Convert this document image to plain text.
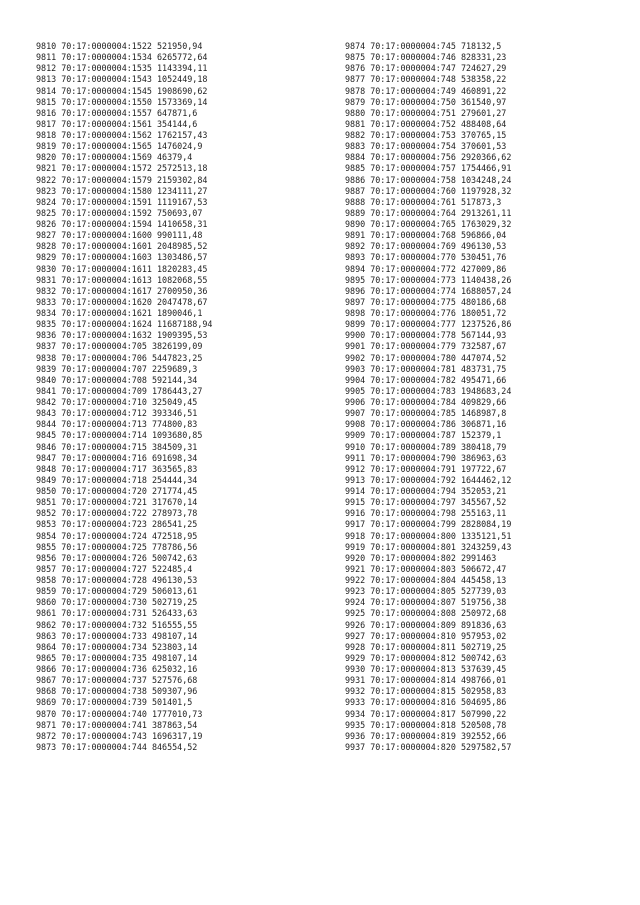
9810 70:17:0000004:1522 521950,94
9811 70:17:0000004:1534 6265772,64
9812 70:17:0000004:1535 1143394,11
9813 70:17:0000004:1543 1052449,18
9814 70:17:0000004:1545 1908690,62
9815 70:17:0000004:1550 1573369,14
9816 70:17:0000004:1557 647871,6
9817 70:17:0000004:1561 354144,6
9818 70:17:0000004:1562 1762157,43
9819 70:17:0000004:1565 1476024,9
9820 70:17:0000004:1569 46379,4
9821 70:17:0000004:1572 2572513,18
9822 70:17:0000004:1579 2159302,84
9823 70:17:0000004:1580 1234111,27
9824 70:17:0000004:1591 1119167,53
9825 70:17:0000004:1592 750693,07
9826 70:17:0000004:1594 1410658,31
9827 70:17:0000004:1600 990111,48
9828 70:17:0000004:1601 2048985,52
9829 70:17:0000004:1603 1303486,57
9830 70:17:0000004:1611 1820283,45
9831 70:17:0000004:1613 1082068,55
9832 70:17:0000004:1617 2700950,36
9833 70:17:0000004:1620 2047478,67
9834 70:17:0000004:1621 1890046,1
9835 70:17:0000004:1624 11687188,94
9836 70:17:0000004:1632 1909395,53
9837 70:17:0000004:705 3826199,09
9838 70:17:0000004:706 5447823,25
9839 70:17:0000004:707 2259689,3
9840 70:17:0000004:708 592144,34
9841 70:17:0000004:709 1786443,27
9842 70:17:0000004:710 325049,45
9843 70:17:0000004:712 393346,51
9844 70:17:0000004:713 774800,83
9845 70:17:0000004:714 1093680,85
9846 70:17:0000004:715 384509,31
9847 70:17:0000004:716 691698,34
9848 70:17:0000004:717 363565,83
9849 70:17:0000004:718 254444,34
9850 70:17:0000004:720 271774,45
9851 70:17:0000004:721 317670,14
9852 70:17:0000004:722 278973,78
9853 70:17:0000004:723 286541,25
9854 70:17:0000004:724 472518,95
9855 70:17:0000004:725 778786,56
9856 70:17:0000004:726 500742,63
9857 70:17:0000004:727 522485,4
9858 70:17:0000004:728 496130,53
9859 70:17:0000004:729 506013,61
9860 70:17:0000004:730 502719,25
9861 70:17:0000004:731 526433,63
9862 70:17:0000004:732 516555,55
9863 70:17:0000004:733 498107,14
9864 70:17:0000004:734 523803,14
9865 70:17:0000004:735 498107,14
9866 70:17:0000004:736 625032,16
9867 70:17:0000004:737 527576,68
9868 70:17:0000004:738 509307,96
9869 70:17:0000004:739 501401,5
9870 70:17:0000004:740 1777010,73
9871 70:17:0000004:741 387863,54
9872 70:17:0000004:743 1696317,19
9873 70:17:0000004:744 846554,52
9874 70:17:0000004:745 718132,5
9875 70:17:0000004:746 828331,23
9876 70:17:0000004:747 724627,29
9877 70:17:0000004:748 538358,22
9878 70:17:0000004:749 460891,22
9879 70:17:0000004:750 361540,97
9880 70:17:0000004:751 279601,27
9881 70:17:0000004:752 488408,64
9882 70:17:0000004:753 370765,15
9883 70:17:0000004:754 370601,53
9884 70:17:0000004:756 2920366,62
9885 70:17:0000004:757 1754466,91
9886 70:17:0000004:758 1034248,24
9887 70:17:0000004:760 1197928,32
9888 70:17:0000004:761 517873,3
9889 70:17:0000004:764 2913261,11
9890 70:17:0000004:765 1763029,32
9891 70:17:0000004:768 596866,04
9892 70:17:0000004:769 496130,53
9893 70:17:0000004:770 530451,76
9894 70:17:0000004:772 427009,86
9895 70:17:0000004:773 1140438,26
9896 70:17:0000004:774 1688057,24
9897 70:17:0000004:775 480186,68
9898 70:17:0000004:776 180051,72
9899 70:17:0000004:777 1237526,86
9900 70:17:0000004:778 567144,93
9901 70:17:0000004:779 732587,67
9902 70:17:0000004:780 447074,52
9903 70:17:0000004:781 483731,75
9904 70:17:0000004:782 495471,66
9905 70:17:0000004:783 1948683,24
9906 70:17:0000004:784 409829,66
9907 70:17:0000004:785 1468987,8
9908 70:17:0000004:786 306871,16
9909 70:17:0000004:787 152379,1
9910 70:17:0000004:789 380418,79
9911 70:17:0000004:790 386963,63
9912 70:17:0000004:791 197722,67
9913 70:17:0000004:792 1644462,12
9914 70:17:0000004:794 352053,21
9915 70:17:0000004:797 345567,52
9916 70:17:0000004:798 255163,11
9917 70:17:0000004:799 2828084,19
9918 70:17:0000004:800 1335121,51
9919 70:17:0000004:801 3243259,43
9920 70:17:0000004:802 2991463
9921 70:17:0000004:803 506672,47
9922 70:17:0000004:804 445458,13
9923 70:17:0000004:805 527739,03
9924 70:17:0000004:807 519756,38
9925 70:17:0000004:808 250972,68
9926 70:17:0000004:809 891836,63
9927 70:17:0000004:810 957953,02
9928 70:17:0000004:811 502719,25
9929 70:17:0000004:812 500742,63
9930 70:17:0000004:813 537639,45
9931 70:17:0000004:814 498766,01
9932 70:17:0000004:815 502958,83
9933 70:17:0000004:816 504695,86
9934 70:17:0000004:817 507990,22
9935 70:17:0000004:818 520508,78
9936 70:17:0000004:819 392552,66
9937 70:17:0000004:820 5297582,57
